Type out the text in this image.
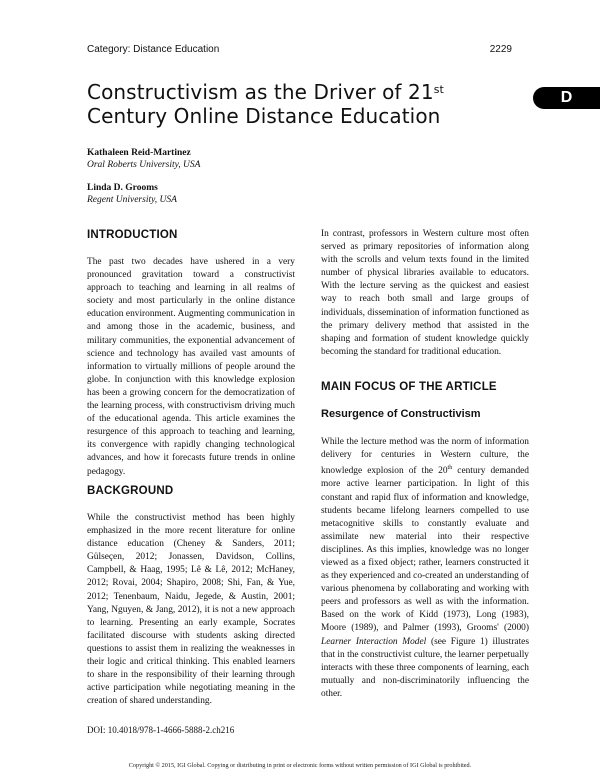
Category: Distance Education	2229
D
Constructivism as the Driver of 21st
Century Online Distance Education
Kathaleen Reid-Martinez
Oral Roberts University, USA
Linda D. Grooms
Regent University, USA
INTRODUCTION

The past two decades have ushered in a very pronounced gravitation toward a constructivist approach to teaching and learning in all realms of society and most particularly in the online distance education environment. Augmenting communication in and among those in the academic, business, and military communities, the exponential advancement of science and technology has availed vast amounts of information to virtually millions of people around the globe. In conjunction with this knowledge explosion has been a growing concern for the democratization of the learning process, with constructivism driving much of the educational agenda. This article examines the resurgence of this approach to teaching and learning, its convergence with rapidly changing technological advances, and how it forecasts future trends in online pedagogy.

BACKGROUND

While the constructivist method has been highly emphasized in the more recent literature for online distance education (Cheney & Sanders, 2011; Gülseçen, 2012; Jonassen, Davidson, Collins, Campbell, & Haag, 1995; Lê & Lê, 2012; McHaney, 2012; Rovai, 2004; Shapiro, 2008; Shi, Fan, & Yue, 2012; Tenenbaum, Naidu, Jegede, & Austin, 2001; Yang, Nguyen, & Jang, 2012), it is not a new approach to learning. Presenting an early example, Socrates facilitated discourse with students asking directed questions to assist them in realizing the weaknesses in their logic and critical thinking. This enabled learners to share in the responsibility of their learning through active participation while negotiating meaning in the creation of shared understanding.

DOI: 10.4018/978-1-4666-5888-2.ch216

In contrast, professors in Western culture most often served as primary repositories of information along with the scrolls and velum texts found in the limited number of physical libraries available to educators. With the lecture serving as the quickest and easiest way to reach both small and large groups of individuals, dissemination of information functioned as the primary delivery method that assisted in the shaping and formation of student knowledge quickly becoming the standard for traditional education.

MAIN FOCUS OF THE ARTICLE
Resurgence of Constructivism

While the lecture method was the norm of information delivery for centuries in Western culture, the knowledge explosion of the 20th century demanded more active learner participation. In light of this constant and rapid flux of information and knowledge, students became lifelong learners compelled to use metacognitive skills to constantly evaluate and assimilate new material into their respective disciplines. As this implies, knowledge was no longer viewed as a fixed object; rather, learners constructed it as they experienced and co-created an understanding of various phenomena by collaborating and working with peers and professors as well as with the information. Based on the work of Kidd (1973), Long (1983), Moore (1989), and Palmer (1993), Grooms' (2000) Learner Interaction Model (see Figure 1) illustrates that in the constructivist culture, the learner perpetually interacts with these three components of learning, each mutually and non-discriminatorily influencing the other.

Copyright © 2015, IGI Global. Copying or distributing in print or electronic forms without written permission of IGI Global is prohibited.
